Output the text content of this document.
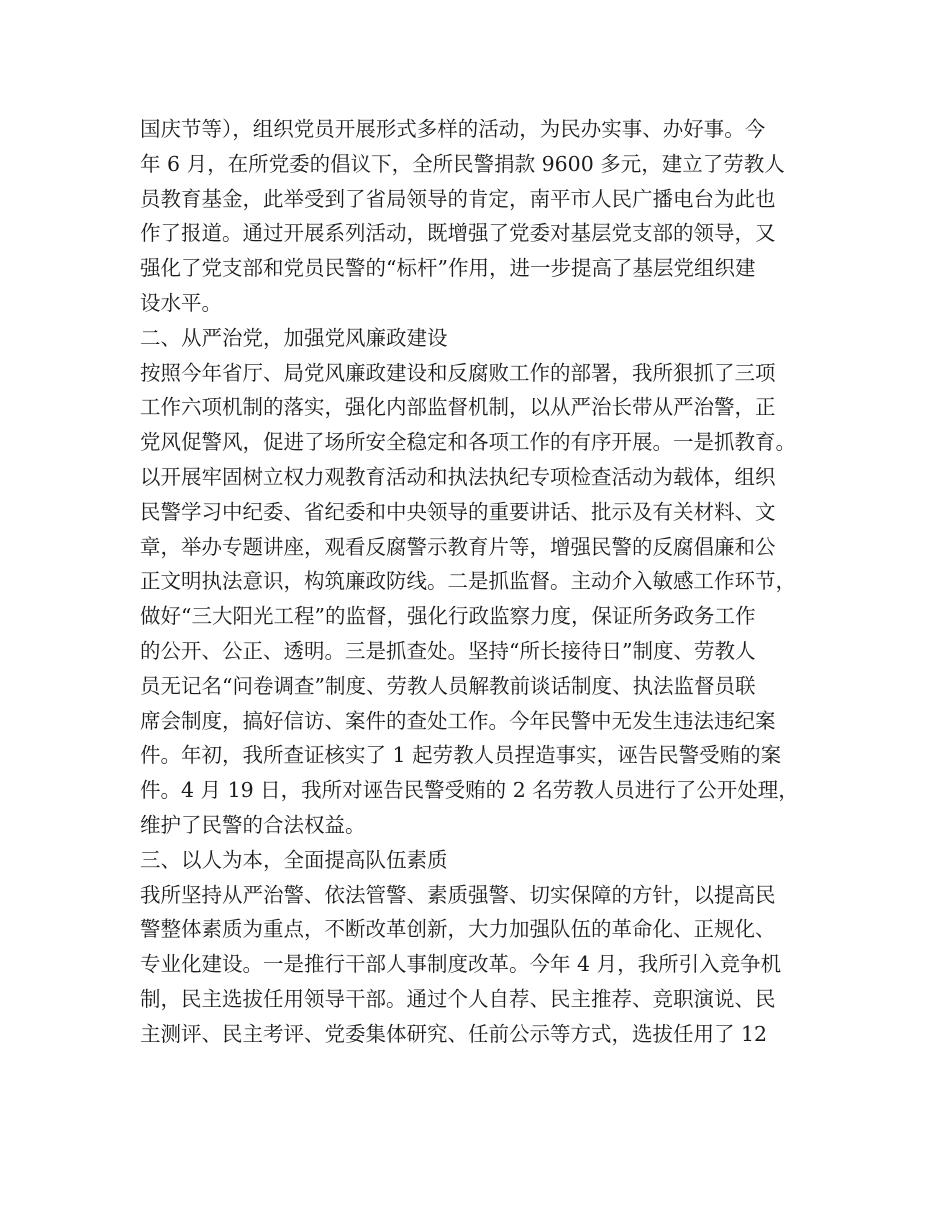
国庆节等），组织党员开展形式多样的活动，为民办实事、办好事。今
年 6 月，在所党委的倡议下，全所民警捐款 9600 多元，建立了劳教人
员教育基金，此举受到了省局领导的肯定，南平市人民广播电台为此也
作了报道。通过开展系列活动，既增强了党委对基层党支部的领导，又
强化了党支部和党员民警的“标杆”作用，进一步提高了基层党组织建
设水平。
二、从严治党，加强党风廉政建设
按照今年省厅、局党风廉政建设和反腐败工作的部署，我所狠抓了三项
工作六项机制的落实，强化内部监督机制，以从严治长带从严治警，正
党风促警风，促进了场所安全稳定和各项工作的有序开展。一是抓教育。
以开展牢固树立权力观教育活动和执法执纪专项检查活动为载体，组织
民警学习中纪委、省纪委和中央领导的重要讲话、批示及有关材料、文
章，举办专题讲座，观看反腐警示教育片等，增强民警的反腐倡廉和公
正文明执法意识，构筑廉政防线。二是抓监督。主动介入敏感工作环节，
做好“三大阳光工程”的监督，强化行政监察力度，保证所务政务工作
的公开、公正、透明。三是抓查处。坚持“所长接待日”制度、劳教人
员无记名“问卷调查”制度、劳教人员解教前谈话制度、执法监督员联
席会制度，搞好信访、案件的查处工作。今年民警中无发生违法违纪案
件。年初，我所查证核实了 1 起劳教人员捏造事实，诬告民警受贿的案
件。4 月 19 日，我所对诬告民警受贿的 2 名劳教人员进行了公开处理，
维护了民警的合法权益。
三、以人为本，全面提高队伍素质
我所坚持从严治警、依法管警、素质强警、切实保障的方针，以提高民
警整体素质为重点，不断改革创新，大力加强队伍的革命化、正规化、
专业化建设。一是推行干部人事制度改革。今年 4 月，我所引入竞争机
制，民主选拔任用领导干部。通过个人自荐、民主推荐、竞职演说、民
主测评、民主考评、党委集体研究、任前公示等方式，选拔任用了 12
